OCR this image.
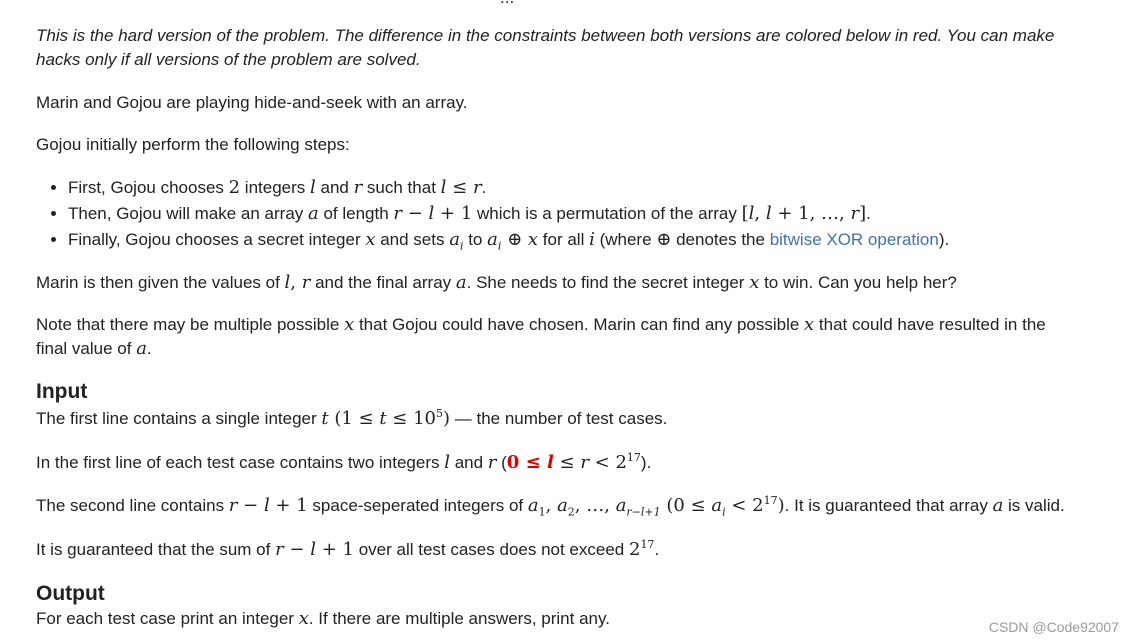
This is the hard version of the problem. The difference in the constraints between both versions are colored below in red. You can make

hacks only if all versions of the problem are solved.

Marin and Gojou are playing hide-and-seek with an array.

Gojou initially perform the following steps:

• First, Gojou chooses 2 integers l and r such that l ≤ r.
• Then, Gojou will make an array a of length r − l + 1 which is a permutation of the array [l, l + 1, …, r].
• Finally, Gojou chooses a secret integer x and sets $a_i$ to $a_i$ ⊕ x for all i (where ⊕ denotes the bitwise XOR operation).

Marin is then given the values of l, r and the final array a. She needs to find the secret integer x to win. Can you help her?

Note that there may be multiple possible x that Gojou could have chosen. Marin can find any possible x that could have resulted in the

final value of a.

Input

The first line contains a single integer t $(1 \le t \le 10^5)$ — the number of test cases.

In the first line of each test case contains two integers l and r $(0 \le l \le r < 2^{17})$.

The second line contains r − l + 1 space-seperated integers of $a_1$, $a_2$, …, $a_{r-l+1}$ $(0 \le a_i < 2^{17})$. It is guaranteed that array a is valid.

It is guaranteed that the sum of r − l + 1 over all test cases does not exceed $2^{17}$.

Output

For each test case print an integer x. If there are multiple answers, print any.	CSDN @Code92007
